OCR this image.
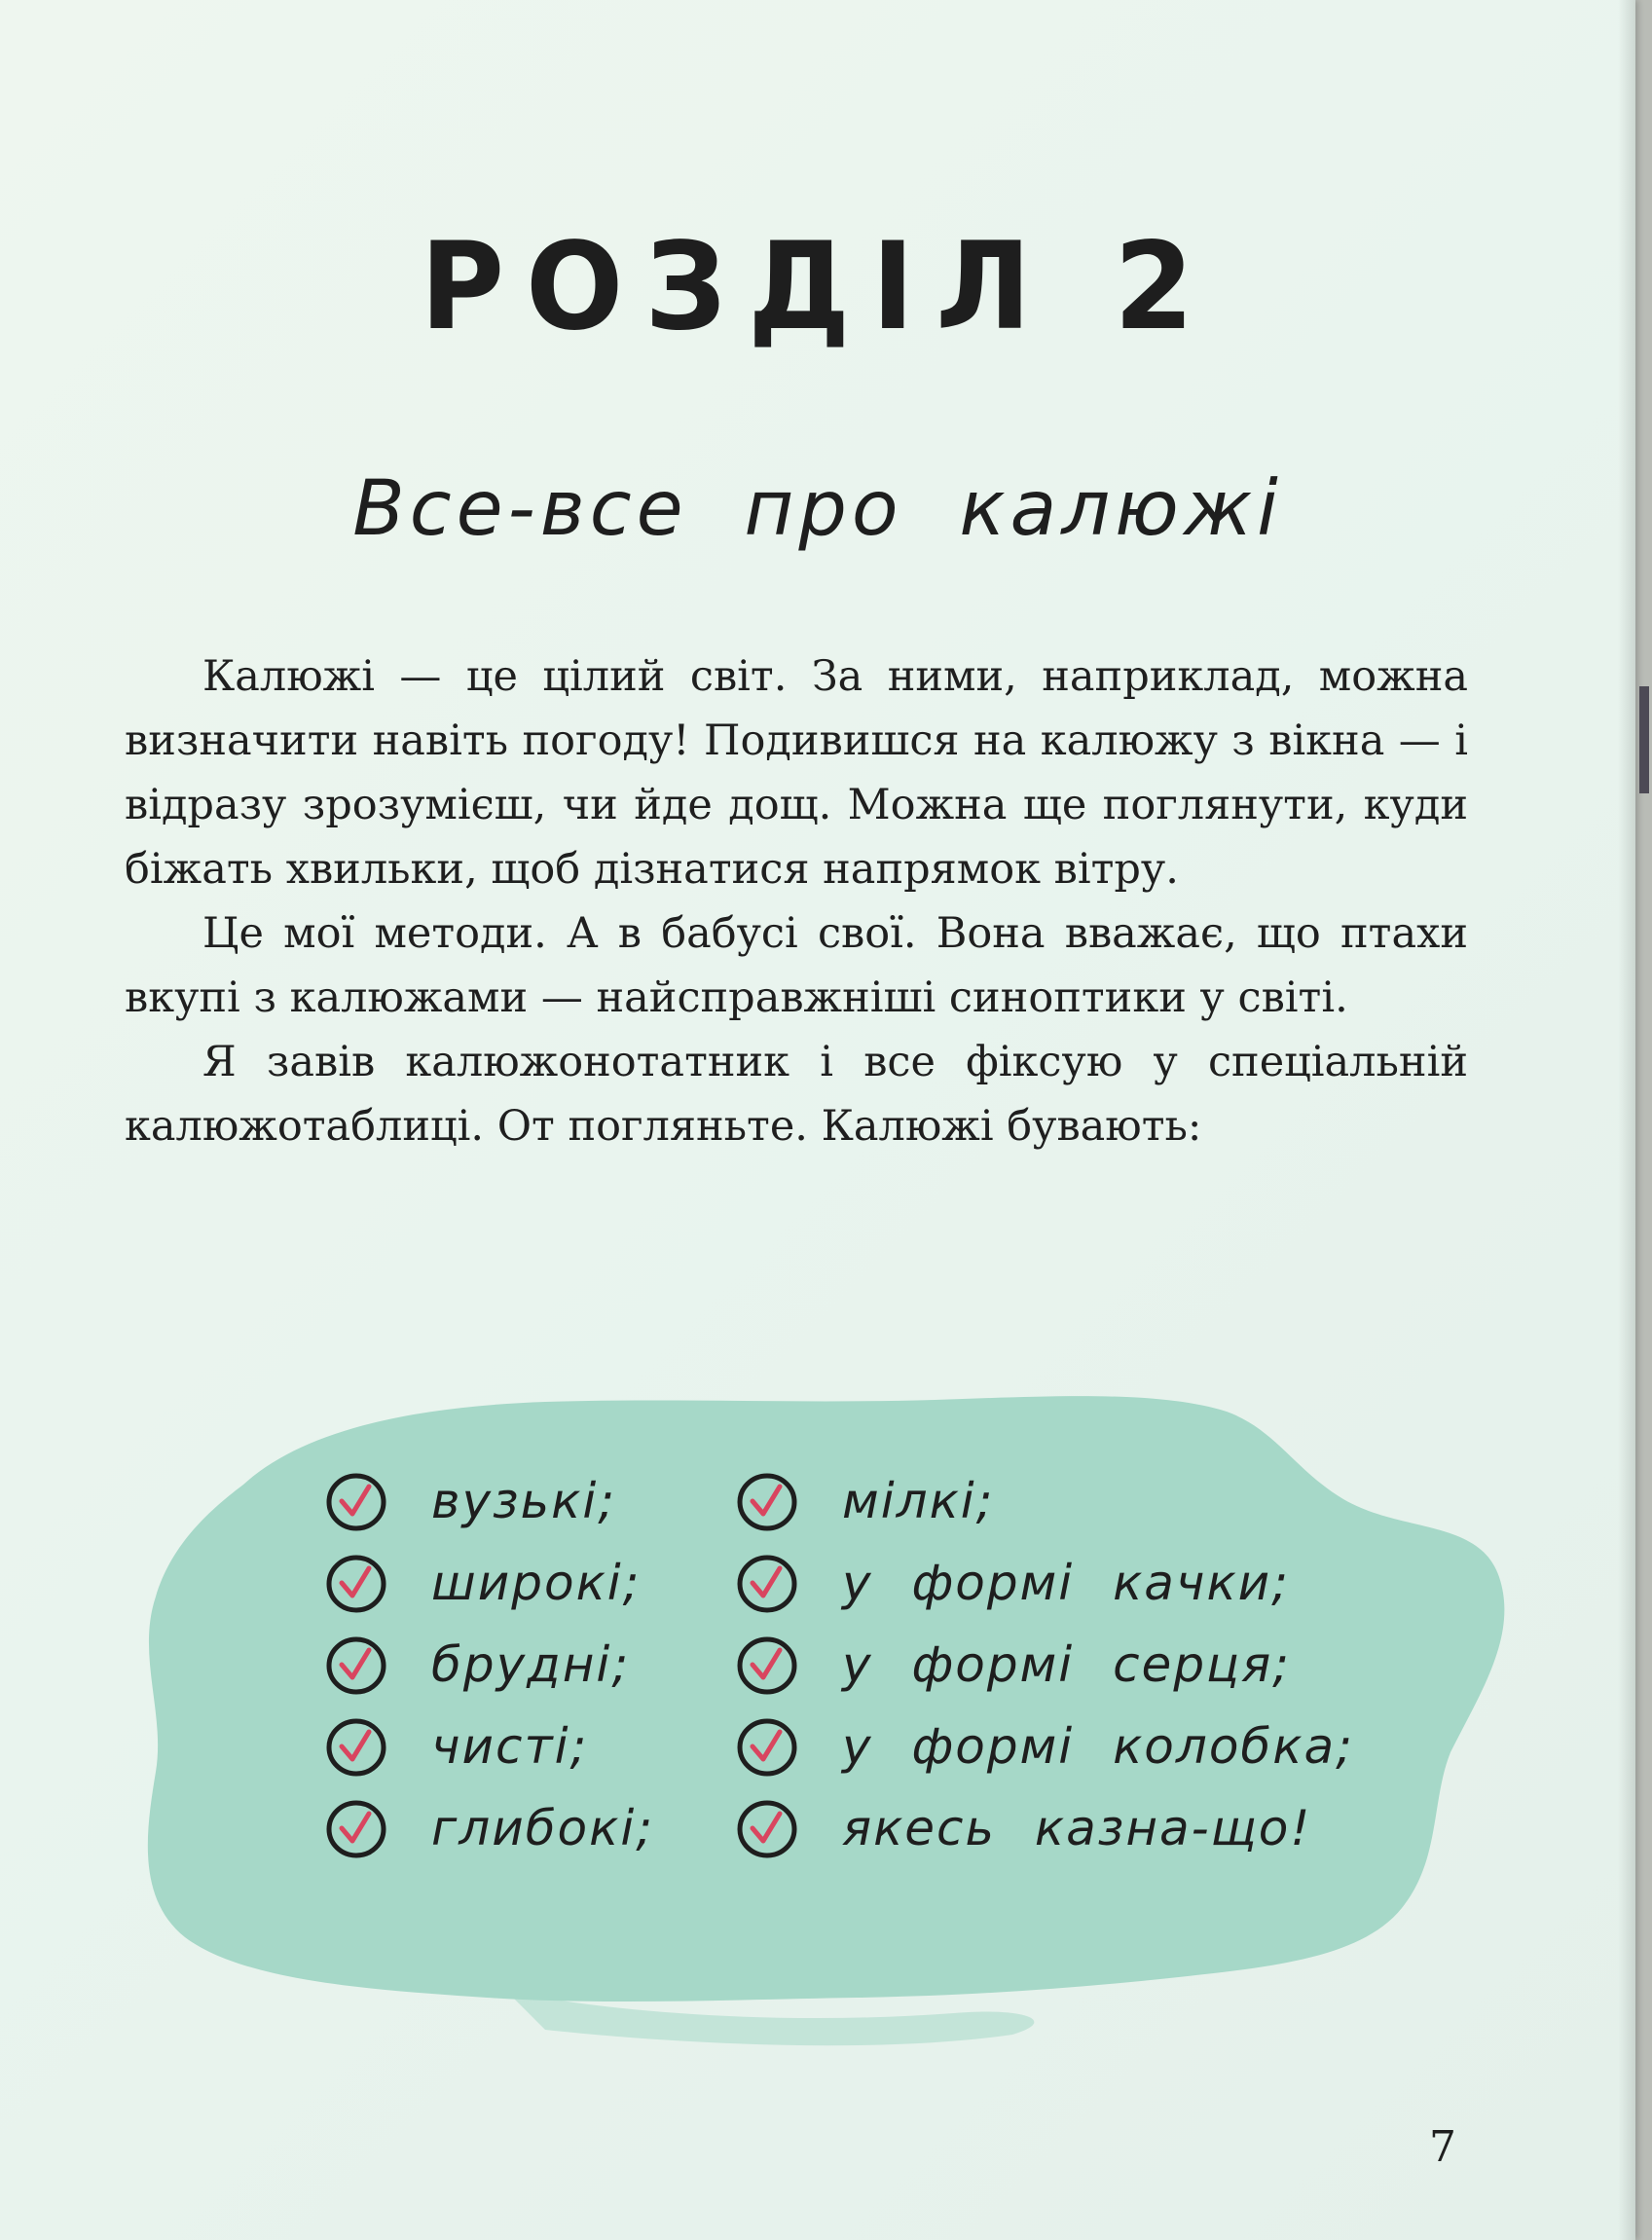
РОЗДІЛ 2
Все-все про калюжі

Калюжі — це цілий світ. За ними, наприклад, можна визначити навіть погоду! Подивишся на калюжу з вікна — і відразу зрозумієш, чи йде дощ. Можна ще поглянути, куди біжать хвильки, щоб дізнатися напрямок вітру.

Це мої методи. А в бабусі свої. Вона вважає, що птахи вкупі з калюжами — найсправжніші синоптики у світі.

Я завів калюжонотатник і все фіксую у спеціальній калюжотаблиці. От погляньте. Калюжі бувають:

вузькі;
широкі;
брудні;
чисті;
глибокі;
мілкі;
у формі качки;
у формі серця;
у формі колобка;
якесь казна-що!
7
